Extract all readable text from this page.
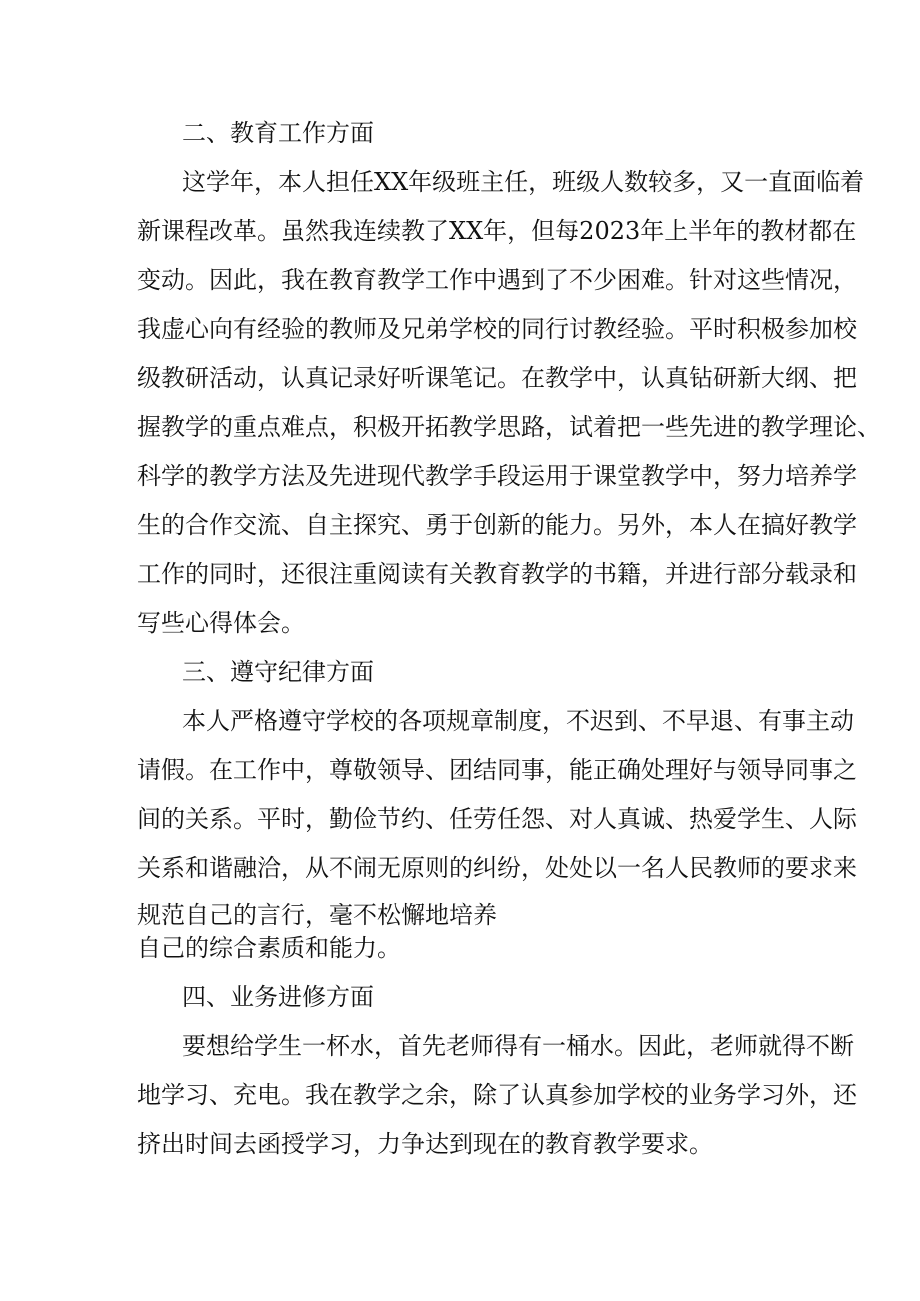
二、教育工作方面
这学年，本人担任XX年级班主任，班级人数较多，又一直面临着
新课程改革。虽然我连续教了XX年，但每2023年上半年的教材都在
变动。因此，我在教育教学工作中遇到了不少困难。针对这些情况，
我虚心向有经验的教师及兄弟学校的同行讨教经验。平时积极参加校
级教研活动，认真记录好听课笔记。在教学中，认真钻研新大纲、把
握教学的重点难点，积极开拓教学思路，试着把一些先进的教学理论、
科学的教学方法及先进现代教学手段运用于课堂教学中，努力培养学
生的合作交流、自主探究、勇于创新的能力。另外，本人在搞好教学
工作的同时，还很注重阅读有关教育教学的书籍，并进行部分载录和
写些心得体会。
三、遵守纪律方面
本人严格遵守学校的各项规章制度，不迟到、不早退、有事主动
请假。在工作中，尊敬领导、团结同事，能正确处理好与领导同事之
间的关系。平时，勤俭节约、任劳任怨、对人真诚、热爱学生、人际
关系和谐融洽，从不闹无原则的纠纷，处处以一名人民教师的要求来
规范自己的言行，毫不松懈地培养
自己的综合素质和能力。
四、业务进修方面
要想给学生一杯水，首先老师得有一桶水。因此，老师就得不断
地学习、充电。我在教学之余，除了认真参加学校的业务学习外，还
挤出时间去函授学习，力争达到现在的教育教学要求。
